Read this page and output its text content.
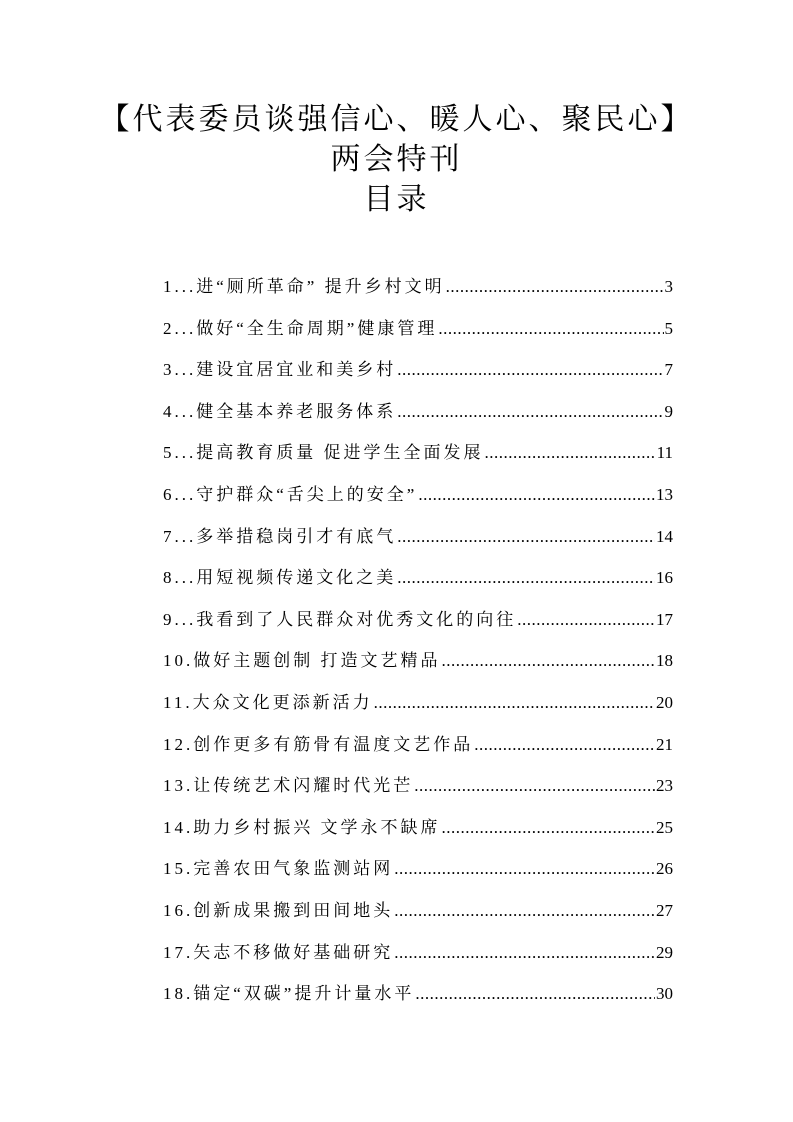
【代表委员谈强信心、暖人心、聚民心】
两会特刊
目录
1...进“厕所革命” 提升乡村文明 .....	3
2...做好“全生命周期”健康管理 .....	5
3...建设宜居宜业和美乡村 .....	7
4...健全基本养老服务体系 .....	9
5...提高教育质量 促进学生全面发展 .....	11
6...守护群众“舌尖上的安全” .....	13
7...多举措稳岗引才有底气 .....	14
8...用短视频传递文化之美 .....	16
9...我看到了人民群众对优秀文化的向往 .....	17
10.做好主题创制 打造文艺精品 .....	18
11.大众文化更添新活力 .....	20
12.创作更多有筋骨有温度文艺作品 .....	21
13.让传统艺术闪耀时代光芒 .....	23
14.助力乡村振兴 文学永不缺席 .....	25
15.完善农田气象监测站网 .....	26
16.创新成果搬到田间地头 .....	27
17.矢志不移做好基础研究 .....	29
18.锚定“双碳”提升计量水平 .....	30
